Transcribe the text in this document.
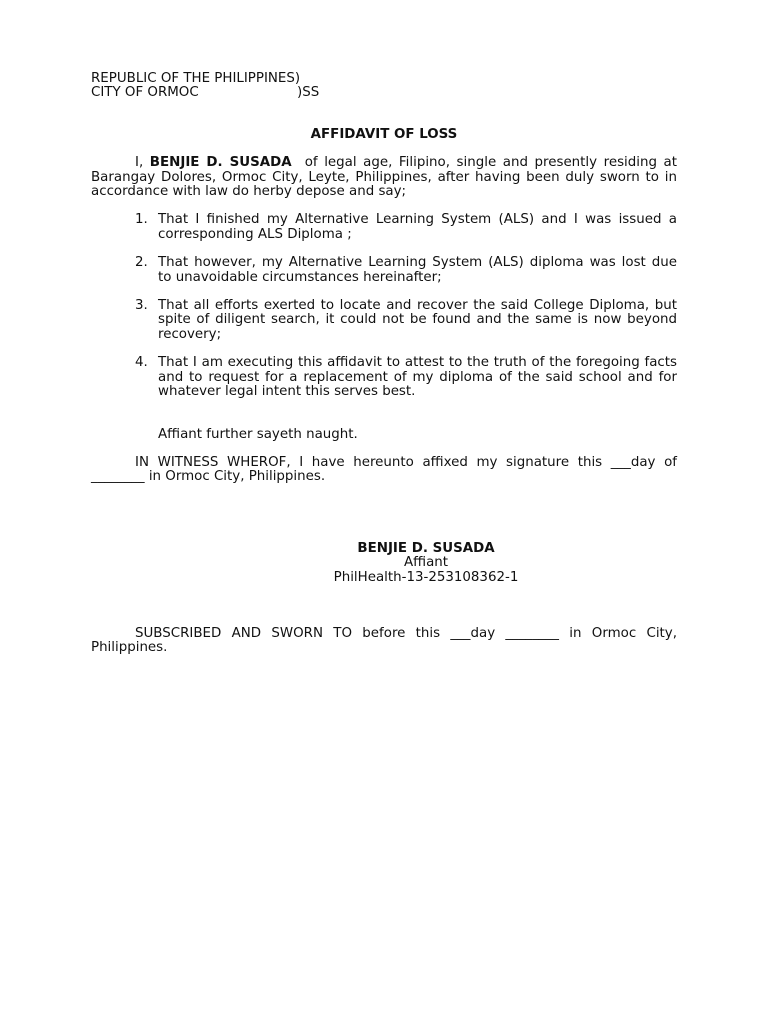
REPUBLIC OF THE PHILIPPINES)
CITY OF ORMOC	)SS
AFFIDAVIT OF LOSS
I, BENJIE D. SUSADA  of legal age, Filipino, single and presently residing at Barangay Dolores, Ormoc City, Leyte, Philippines, after having been duly sworn to in accordance with law do herby depose and say;
1. That I finished my Alternative Learning System (ALS) and I was issued a corresponding ALS Diploma ;
2. That however, my Alternative Learning System (ALS) diploma was lost due to unavoidable circumstances hereinafter;
3. That all efforts exerted to locate and recover the said College Diploma, but spite of diligent search, it could not be found and the same is now beyond recovery;
4. That I am executing this affidavit to attest to the truth of the foregoing facts and to request for a replacement of my diploma of the said school and for whatever legal intent this serves best.
Affiant further sayeth naught.
IN WITNESS WHEROF, I have hereunto affixed my signature this ___day of ________ in Ormoc City, Philippines.
BENJIE D. SUSADA
Affiant
PhilHealth-13-253108362-1
SUBSCRIBED AND SWORN TO before this ___day ________ in Ormoc City, Philippines.
